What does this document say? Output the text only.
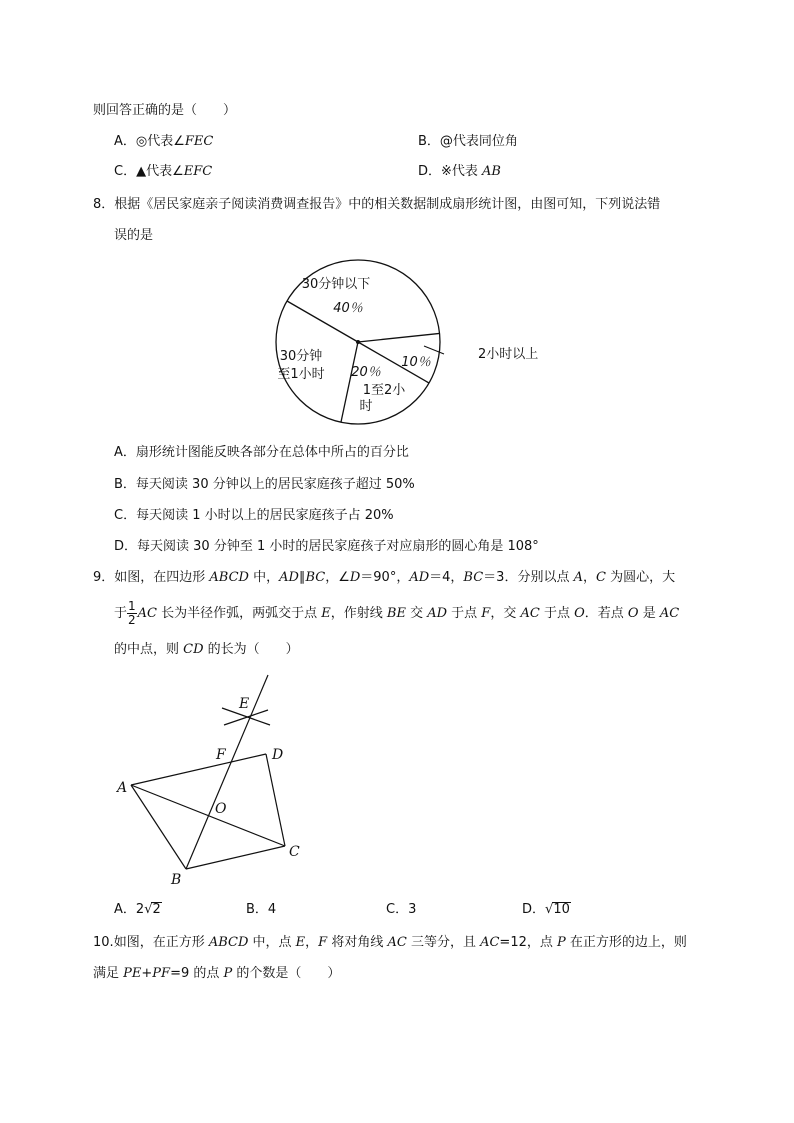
则回答正确的是（　　）
A．◎代表∠FEC	B．@代表同位角
C．▲代表∠EFC	D．※代表 AB
8．根据《居民家庭亲子阅读消费调查报告》中的相关数据制成扇形统计图，由图可知，下列说法错
误的是
30分钟以下
40％
2小时以上
10％
1至2小
时
20％
30分钟
至1小时
A．扇形统计图能反映各部分在总体中所占的百分比
B．每天阅读 30 分钟以上的居民家庭孩子超过 50%
C．每天阅读 1 小时以上的居民家庭孩子占 20%
D．每天阅读 30 分钟至 1 小时的居民家庭孩子对应扇形的圆心角是 108°
9．如图，在四边形 ABCD 中，AD∥BC，∠D＝90°，AD＝4，BC＝3．分别以点 A，C 为圆心，大
于 $\frac{1}{2}$ AC 长为半径作弧，两弧交于点 E，作射线 BE 交 AD 于点 F，交 AC 于点 O．若点 O 是 AC
的中点，则 CD 的长为（　　）
E
F	D
A
O
C
B
A．2√2	B．4	C．3	D．√10
10.如图，在正方形 ABCD 中，点 E，F 将对角线 AC 三等分，且 AC=12，点 P 在正方形的边上，则
满足 PE+PF=9 的点 P 的个数是（　　）
